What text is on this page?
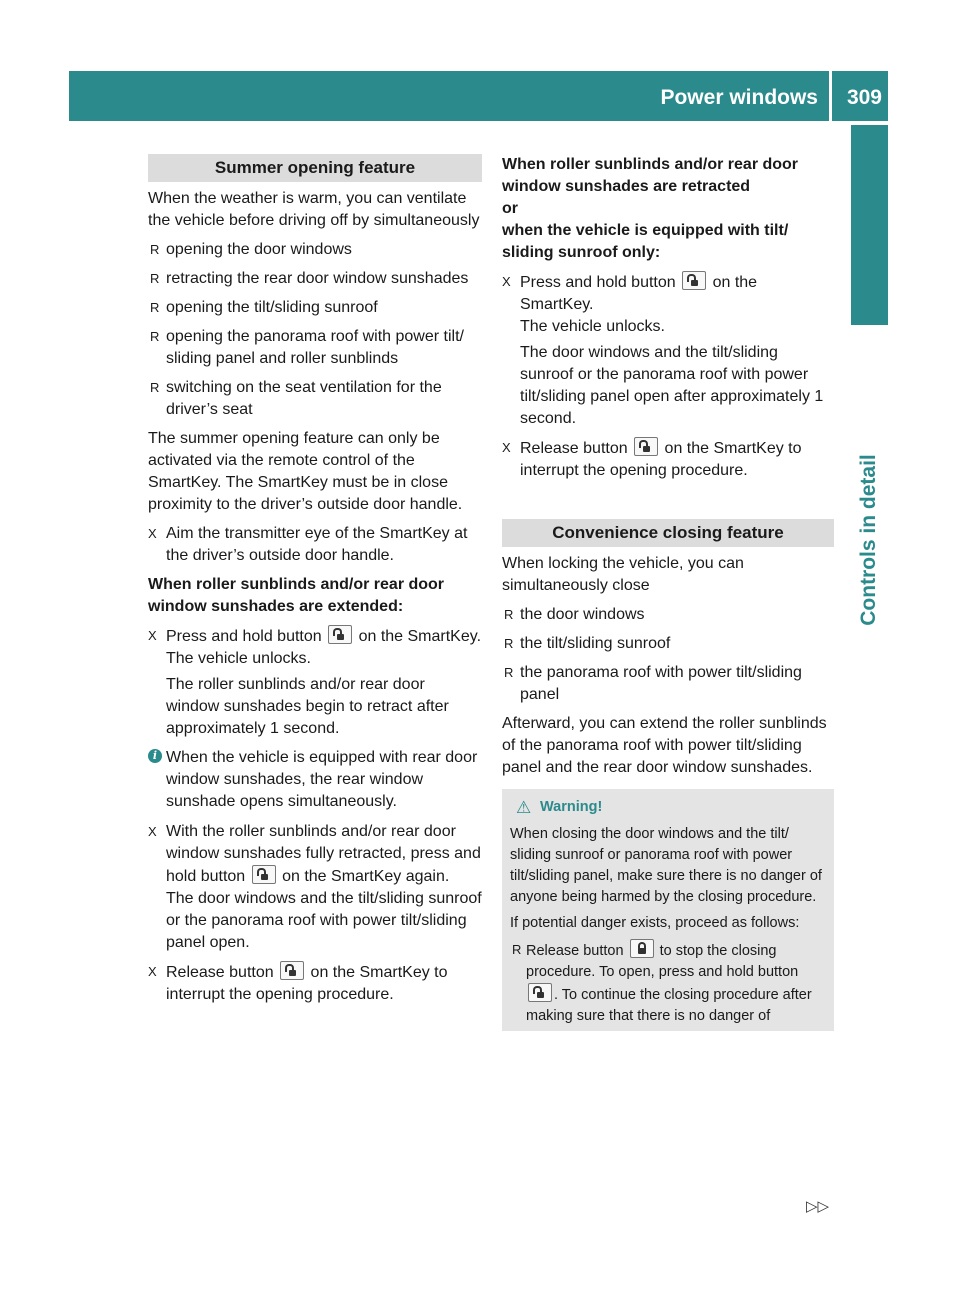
Power windows 309
Controls in detail
Summer opening feature

When the weather is warm, you can ventilate the vehicle before driving off by simultaneously

R opening the door windows
R retracting the rear door window sunshades
R opening the tilt/sliding sunroof
R opening the panorama roof with power tilt/ sliding panel and roller sunblinds
R switching on the seat ventilation for the driver’s seat

The summer opening feature can only be activated via the remote control of the SmartKey. The SmartKey must be in close proximity to the driver’s outside door handle.

X Aim the transmitter eye of the SmartKey at the driver’s outside door handle.

When roller sunblinds and/or rear door window sunshades are extended:

X Press and hold button on the SmartKey.
The vehicle unlocks.
The roller sunblinds and/or rear door window sunshades begin to retract after approximately 1 second.
i When the vehicle is equipped with rear door window sunshades, the rear window sunshade opens simultaneously.
X With the roller sunblinds and/or rear door window sunshades fully retracted, press and hold button on the SmartKey again.
The door windows and the tilt/sliding sunroof or the panorama roof with power tilt/sliding panel open.
X Release button on the SmartKey to interrupt the opening procedure.

When roller sunblinds and/or rear door window sunshades are retracted
or
when the vehicle is equipped with tilt/ sliding sunroof only:

X Press and hold button on the SmartKey.
The vehicle unlocks.
The door windows and the tilt/sliding sunroof or the panorama roof with power tilt/sliding panel open after approximately 1 second.
X Release button on the SmartKey to interrupt the opening procedure.
Convenience closing feature

When locking the vehicle, you can simultaneously close

R the door windows
R the tilt/sliding sunroof
R the panorama roof with power tilt/sliding panel

Afterward, you can extend the roller sunblinds of the panorama roof with power tilt/sliding panel and the rear door window sunshades.

⚠ Warning!

When closing the door windows and the tilt/ sliding sunroof or panorama roof with power tilt/sliding panel, make sure there is no danger of anyone being harmed by the closing procedure.

If potential danger exists, proceed as follows:

R Release button to stop the closing procedure. To open, press and hold button . To continue the closing procedure after making sure that there is no danger of
▷▷
